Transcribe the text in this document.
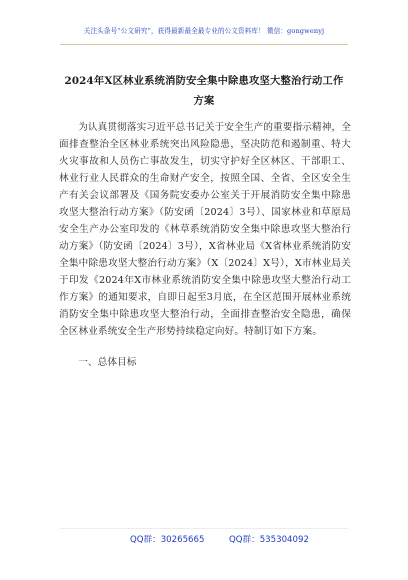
关注头条号“公文研究”，获得最新最全最专业的公文资料库！ 微信：gongwenyj
2024年X区林业系统消防安全集中除患攻坚大整治行动工作方案

为认真贯彻落实习近平总书记关于安全生产的重要指示精神，全面排查整治全区林业系统突出风险隐患，坚决防范和遏制重、特大火灾事故和人员伤亡事故发生，切实守护好全区林区、干部职工、林业行业人民群众的生命财产安全，按照全国、全省、全区安全生产有关会议部署及《国务院安委办公室关于开展消防安全集中除患攻坚大整治行动方案》（防安函〔2024〕3号）、国家林业和草原局安全生产办公室印发的《林草系统消防安全集中除患攻坚大整治行动方案》（防安函〔2024〕3号），X省林业局《X省林业系统消防安全集中除患攻坚大整治行动方案》（X〔2024〕X号），X市林业局关于印发《2024年X市林业系统消防安全集中除患攻坚大整治行动工作方案》的通知要求，自即日起至3月底，在全区范围开展林业系统消防安全集中除患攻坚大整治行动，全面排查整治安全隐患，确保全区林业系统安全生产形势持续稳定向好。特制订如下方案。

一、总体目标

QQ群：30265665	QQ群：535304092
